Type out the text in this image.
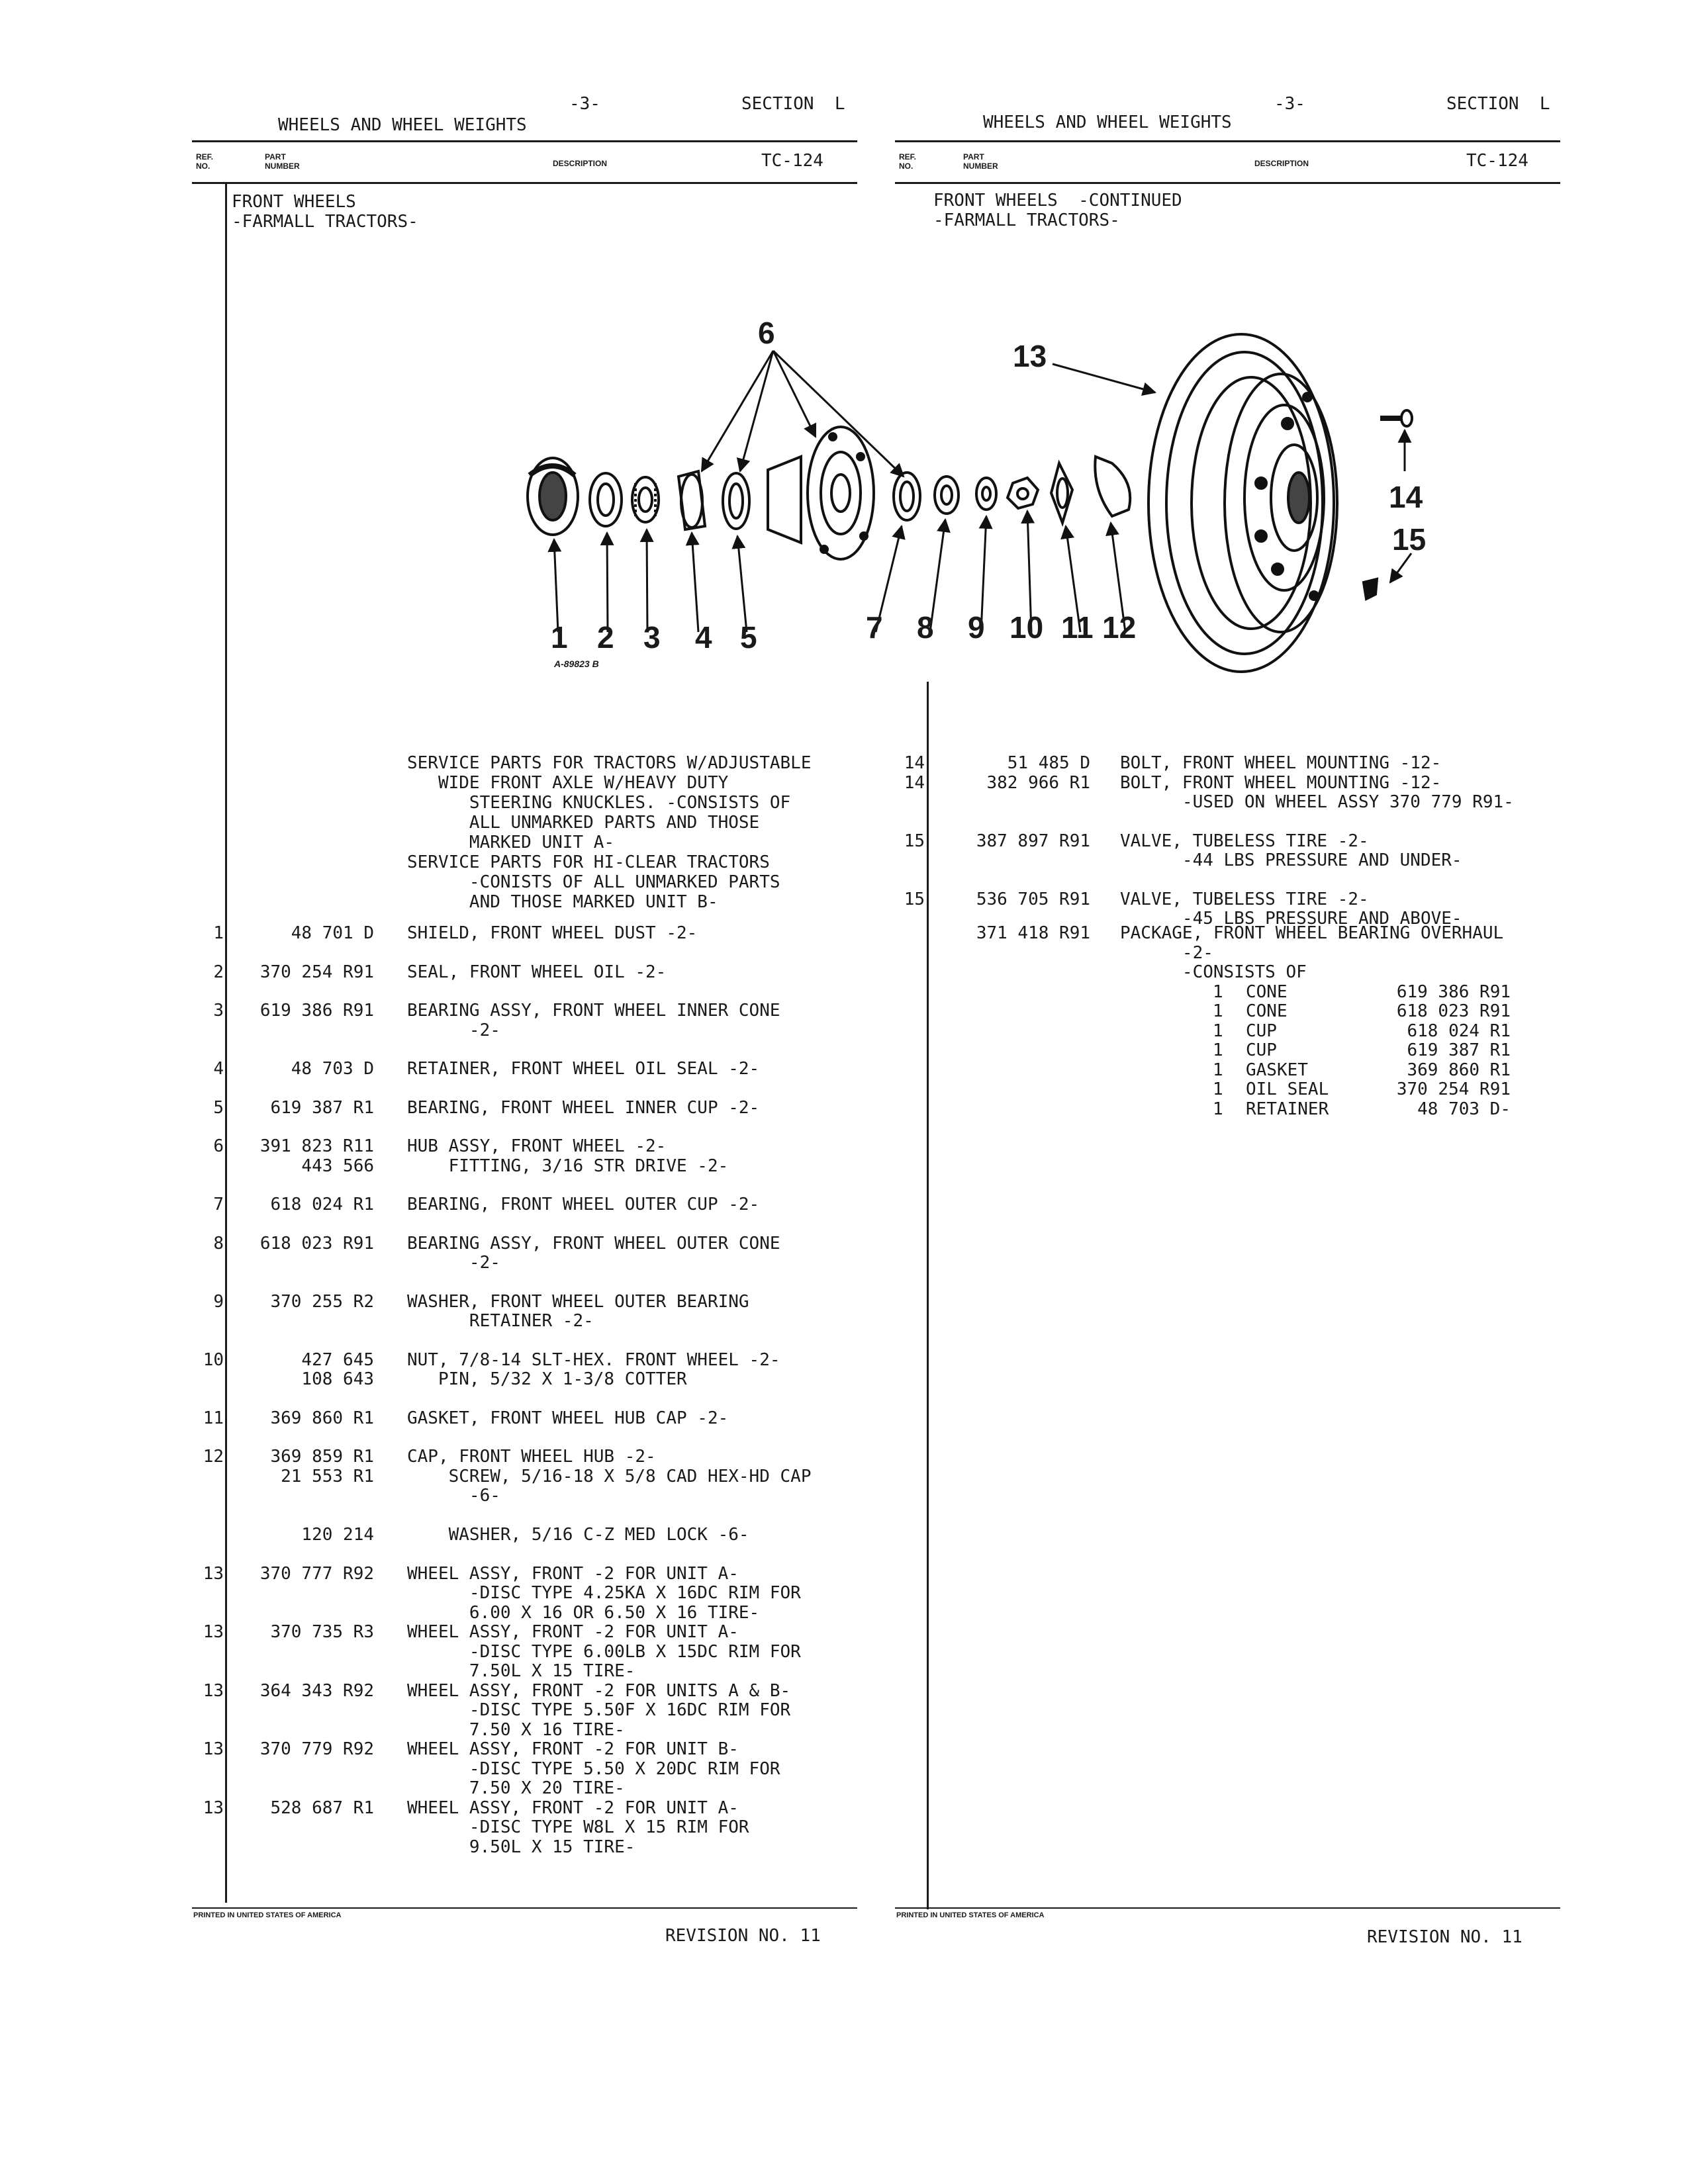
-3-	SECTION  L
WHEELS AND WHEEL WEIGHTS
REF.
NO.
PART
NUMBER	DESCRIPTION	TC-124
FRONT WHEELS
-FARMALL TRACTORS-
SERVICE PARTS FOR TRACTORS W/ADJUSTABLE
WIDE FRONT AXLE W/HEAVY DUTY
STEERING KNUCKLES. -CONSISTS OF
ALL UNMARKED PARTS AND THOSE
MARKED UNIT A-
SERVICE PARTS FOR HI-CLEAR TRACTORS
-CONISTS OF ALL UNMARKED PARTS
AND THOSE MARKED UNIT B-
1	48 701 D SHIELD, FRONT WHEEL DUST -2-
2	370 254 R91 SEAL, FRONT WHEEL OIL -2-
3	619 386 R91 BEARING ASSY, FRONT WHEEL INNER CONE
-2-
4	48 703 D RETAINER, FRONT WHEEL OIL SEAL -2-
5	619 387 R1 BEARING, FRONT WHEEL INNER CUP -2-
6	391 823 R11 HUB ASSY, FRONT WHEEL -2-
443 566 FITTING, 3/16 STR DRIVE -2-
7	618 024 R1 BEARING, FRONT WHEEL OUTER CUP -2-
8	618 023 R91 BEARING ASSY, FRONT WHEEL OUTER CONE
-2-
9	370 255 R2 WASHER, FRONT WHEEL OUTER BEARING
RETAINER -2-
10	427 645 NUT, 7/8-14 SLT-HEX. FRONT WHEEL -2-
108 643 PIN, 5/32 X 1-3/8 COTTER
11	369 860 R1 GASKET, FRONT WHEEL HUB CAP -2-
12	369 859 R1 CAP, FRONT WHEEL HUB -2-
21 553 R1 SCREW, 5/16-18 X 5/8 CAD HEX-HD CAP
-6-
120 214 WASHER, 5/16 C-Z MED LOCK -6-
13	370 777 R92 WHEEL ASSY, FRONT -2 FOR UNIT A-
-DISC TYPE 4.25KA X 16DC RIM FOR
6.00 X 16 OR 6.50 X 16 TIRE-
13	370 735 R3 WHEEL ASSY, FRONT -2 FOR UNIT A-
-DISC TYPE 6.00LB X 15DC RIM FOR
7.50L X 15 TIRE-
13	364 343 R92 WHEEL ASSY, FRONT -2 FOR UNITS A & B-
-DISC TYPE 5.50F X 16DC RIM FOR
7.50 X 16 TIRE-
13	370 779 R92 WHEEL ASSY, FRONT -2 FOR UNIT B-
-DISC TYPE 5.50 X 20DC RIM FOR
7.50 X 20 TIRE-
13	528 687 R1 WHEEL ASSY, FRONT -2 FOR UNIT A-
-DISC TYPE W8L X 15 RIM FOR
9.50L X 15 TIRE-
PRINTED IN UNITED STATES OF AMERICA
REVISION NO. 11
-3-	SECTION  L
WHEELS AND WHEEL WEIGHTS
REF.
NO.
PART
NUMBER	DESCRIPTION	TC-124
FRONT WHEELS  -CONTINUED
-FARMALL TRACTORS-
14	51 485 D BOLT, FRONT WHEEL MOUNTING -12-
14	382 966 R1 BOLT, FRONT WHEEL MOUNTING -12-
-USED ON WHEEL ASSY 370 779 R91-
15	387 897 R91 VALVE, TUBELESS TIRE -2-
-44 LBS PRESSURE AND UNDER-
15	536 705 R91 VALVE, TUBELESS TIRE -2-
-45 LBS PRESSURE AND ABOVE-
371 418 R91 PACKAGE, FRONT WHEEL BEARING OVERHAUL
-2-
-CONSISTS OF
1 CONE	619 386 R91
1 CONE	618 023 R91
1 CUP	618 024 R1
1 CUP	619 387 R1
1 GASKET	369 860 R1
1 OIL SEAL	370 254 R91
1 RETAINER	48 703 D-
PRINTED IN UNITED STATES OF AMERICA
REVISION NO. 11
1 2 3 4 5
6
7 8 9 10 11 12
13
14
15
A-89823 B
